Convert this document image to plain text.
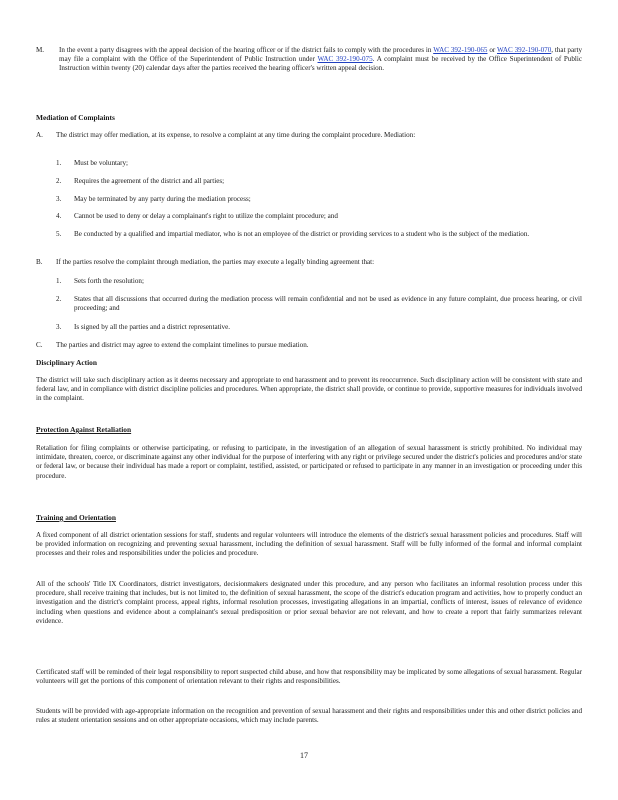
M. In the event a party disagrees with the appeal decision of the hearing officer or if the district fails to comply with the procedures in WAC 392-190-065 or WAC 392-190-070, that party may file a complaint with the Office of the Superintendent of Public Instruction under WAC 392-190-075. A complaint must be received by the Office Superintendent of Public Instruction within twenty (20) calendar days after the parties received the hearing officer's written appeal decision.
Mediation of Complaints
A. The district may offer mediation, at its expense, to resolve a complaint at any time during the complaint procedure. Mediation:
1. Must be voluntary;
2. Requires the agreement of the district and all parties;
3. May be terminated by any party during the mediation process;
4. Cannot be used to deny or delay a complainant's right to utilize the complaint procedure; and
5. Be conducted by a qualified and impartial mediator, who is not an employee of the district or providing services to a student who is the subject of the mediation.
B. If the parties resolve the complaint through mediation, the parties may execute a legally binding agreement that:
1. Sets forth the resolution;
2. States that all discussions that occurred during the mediation process will remain confidential and not be used as evidence in any future complaint, due process hearing, or civil proceeding; and
3. Is signed by all the parties and a district representative.
C. The parties and district may agree to extend the complaint timelines to pursue mediation.
Disciplinary Action
The district will take such disciplinary action as it deems necessary and appropriate to end harassment and to prevent its reoccurrence. Such disciplinary action will be consistent with state and federal law, and in compliance with district discipline policies and procedures. When appropriate, the district shall provide, or continue to provide, supportive measures for individuals involved in the complaint.
Protection Against Retaliation
Retaliation for filing complaints or otherwise participating, or refusing to participate, in the investigation of an allegation of sexual harassment is strictly prohibited. No individual may intimidate, threaten, coerce, or discriminate against any other individual for the purpose of interfering with any right or privilege secured under the district's policies and procedures and/or state or federal law, or because their individual has made a report or complaint, testified, assisted, or participated or refused to participate in any manner in an investigation or proceeding under this procedure.
Training and Orientation
A fixed component of all district orientation sessions for staff, students and regular volunteers will introduce the elements of the district's sexual harassment policies and procedures. Staff will be provided information on recognizing and preventing sexual harassment, including the definition of sexual harassment. Staff will be fully informed of the formal and informal complaint processes and their roles and responsibilities under the policies and procedure.
All of the schools' Title IX Coordinators, district investigators, decisionmakers designated under this procedure, and any person who facilitates an informal resolution process under this procedure, shall receive training that includes, but is not limited to, the definition of sexual harassment, the scope of the district's education program and activities, how to properly conduct an investigation and the district's complaint process, appeal rights, informal resolution processes, investigating allegations in an impartial, conflicts of interest, issues of relevance of evidence including when questions and evidence about a complainant's sexual predisposition or prior sexual behavior are not relevant, and how to create a report that fairly summarizes relevant evidence.
Certificated staff will be reminded of their legal responsibility to report suspected child abuse, and how that responsibility may be implicated by some allegations of sexual harassment. Regular volunteers will get the portions of this component of orientation relevant to their rights and responsibilities.
Students will be provided with age-appropriate information on the recognition and prevention of sexual harassment and their rights and responsibilities under this and other district policies and rules at student orientation sessions and on other appropriate occasions, which may include parents.
17
